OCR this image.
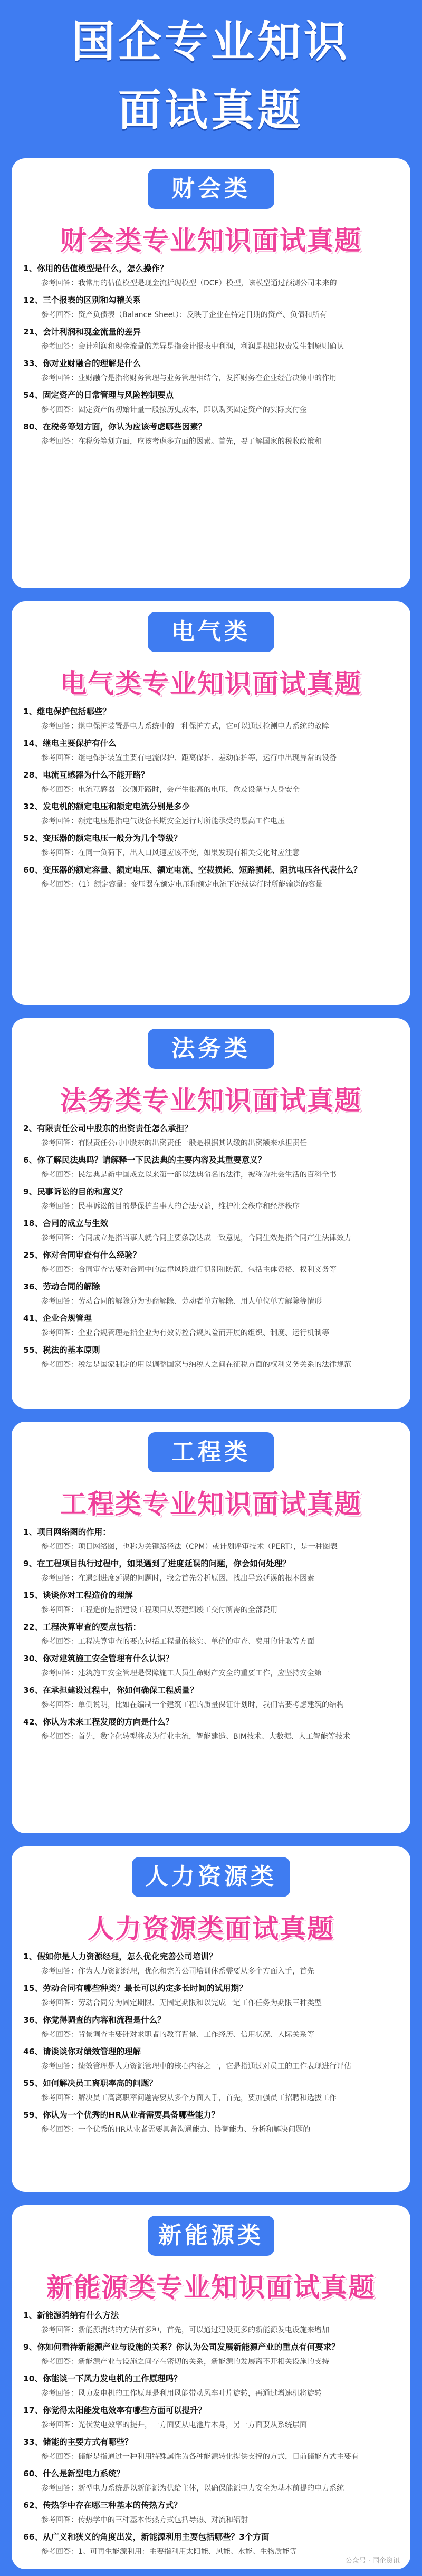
国企专业知识
面试真题
财会类
财会类专业知识面试真题
1、你用的估值模型是什么，怎么操作？
参考回答：我常用的估值模型是现金流折现模型（DCF）模型，该模型通过预测公司未来的
12、三个报表的区别和勾稽关系
参考回答：资产负债表（Balance Sheet）：反映了企业在特定日期的资产、负债和所有
21、会计利润和现金流量的差异
参考回答：会计利润和现金流量的差异是指会计报表中利润，利润是根据权责发生制原则确认
33、你对业财融合的理解是什么
参考回答：业财融合是指将财务管理与业务管理相结合，发挥财务在企业经营决策中的作用
54、固定资产的日常管理与风险控制要点
参考回答：固定资产的初始计量一般按历史成本，即以购买固定资产的实际支付金
80、在税务筹划方面，你认为应该考虑哪些因素？
参考回答：在税务筹划方面，应该考虑多方面的因素。首先，要了解国家的税收政策和
电气类
电气类专业知识面试真题
1、继电保护包括哪些？
参考回答：继电保护装置是电力系统中的一种保护方式，它可以通过检测电力系统的故障
14、继电主要保护有什么
参考回答：继电保护装置主要有电流保护、距离保护、差动保护等，运行中出现异常的设备
28、电流互感器为什么不能开路？
参考回答：电流互感器二次侧开路时，会产生很高的电压，危及设备与人身安全
32、发电机的额定电压和额定电流分别是多少
参考回答：额定电压是指电气设备长期安全运行时所能承受的最高工作电压
52、变压器的额定电压一般分为几个等级？
参考回答：在同一负荷下，出入口风速应该不变，如果发现有相关变化时应注意
60、变压器的额定容量、额定电压、额定电流、空载损耗、短路损耗、阻抗电压各代表什么？
参考回答：（1）额定容量：变压器在额定电压和额定电流下连续运行时所能输送的容量
法务类
法务类专业知识面试真题
2、有限责任公司中股东的出资责任怎么承担？
参考回答：有限责任公司中股东的出资责任一般是根据其认缴的出资额来承担责任
6、你了解民法典吗？请解释一下民法典的主要内容及其重要意义？
参考回答：民法典是新中国成立以来第一部以法典命名的法律，被称为社会生活的百科全书
9、民事诉讼的目的和意义？
参考回答：民事诉讼的目的是保护当事人的合法权益，维护社会秩序和经济秩序
18、合同的成立与生效
参考回答：合同成立是指当事人就合同主要条款达成一致意见，合同生效是指合同产生法律效力
25、你对合同审查有什么经验？
参考回答：合同审查需要对合同中的法律风险进行识别和防范，包括主体资格、权利义务等
36、劳动合同的解除
参考回答：劳动合同的解除分为协商解除、劳动者单方解除、用人单位单方解除等情形
41、企业合规管理
参考回答：企业合规管理是指企业为有效防控合规风险而开展的组织、制度、运行机制等
55、税法的基本原则
参考回答：税法是国家制定的用以调整国家与纳税人之间在征税方面的权利义务关系的法律规范
工程类
工程类专业知识面试真题
1、项目网络图的作用：
参考回答：项目网络图，也称为关键路径法（CPM）或计划评审技术（PERT），是一种图表
9、在工程项目执行过程中，如果遇到了进度延误的问题，你会如何处理？
参考回答：在遇到进度延误的问题时，我会首先分析原因，找出导致延误的根本因素
15、谈谈你对工程造价的理解
参考回答：工程造价是指建设工程项目从筹建到竣工交付所需的全部费用
22、工程决算审查的要点包括：
参考回答：工程决算审查的要点包括工程量的核实、单价的审查、费用的计取等方面
30、你对建筑施工安全管理有什么认识？
参考回答：建筑施工安全管理是保障施工人员生命财产安全的重要工作，应坚持安全第一
36、在承担建设过程中，你如何确保工程质量？
参考回答：单侧说明，比如在编制一个建筑工程的质量保证计划时，我们需要考虑建筑的结构
42、你认为未来工程发展的方向是什么？
参考回答：首先，数字化转型将成为行业主流，智能建造、BIM技术、大数据、人工智能等技术
人力资源类
人力资源类面试真题
1、假如你是人力资源经理，怎么优化完善公司培训？
参考回答：作为人力资源经理，优化和完善公司培训体系需要从多个方面入手，首先
15、劳动合同有哪些种类？最长可以约定多长时间的试用期？
参考回答：劳动合同分为固定期限、无固定期限和以完成一定工作任务为期限三种类型
36、你觉得调查的内容和流程是什么？
参考回答：背景调查主要针对求职者的教育背景、工作经历、信用状况、人际关系等
46、请谈谈你对绩效管理的理解
参考回答：绩效管理是人力资源管理中的核心内容之一，它是指通过对员工的工作表现进行评估
55、如何解决员工离职率高的问题？
参考回答：解决员工高离职率问题需要从多个方面入手，首先，要加强员工招聘和选拔工作
59、你认为一个优秀的HR从业者需要具备哪些能力？
参考回答：一个优秀的HR从业者需要具备沟通能力、协调能力、分析和解决问题的
新能源类
新能源类专业知识面试真题
1、新能源消纳有什么方法
参考回答：新能源消纳的方法有多种，首先，可以通过建设更多的新能源发电设施来增加
9、你如何看待新能源产业与设施的关系？你认为公司发展新能源产业的重点有何要求？
参考回答：新能源产业与设施之间存在密切的关系，新能源的发展离不开相关设施的支持
10、你能谈一下风力发电机的工作原理吗？
参考回答：风力发电机的工作原理是利用风能带动风车叶片旋转，再通过增速机将旋转
17、你觉得太阳能发电效率有哪些方面可以提升？
参考回答：光伏发电效率的提升，一方面要从电池片本身，另一方面要从系统层面
33、储能的主要方式有哪些？
参考回答：储能是指通过一种利用特殊属性为各种能源转化提供支撑的方式，目前储能方式主要有
60、什么是新型电力系统？
参考回答：新型电力系统是以新能源为供给主体，以确保能源电力安全为基本前提的电力系统
62、传热学中存在哪三种基本的传热方式？
参考回答：传热学中的三种基本传热方式包括导热、对流和辐射
66、从广义和狭义的角度出发，新能源利用主要包括哪些？3个方面
参考回答：1、可再生能源利用：主要指利用太阳能、风能、水能、生物质能等
公众号 · 国企资讯
